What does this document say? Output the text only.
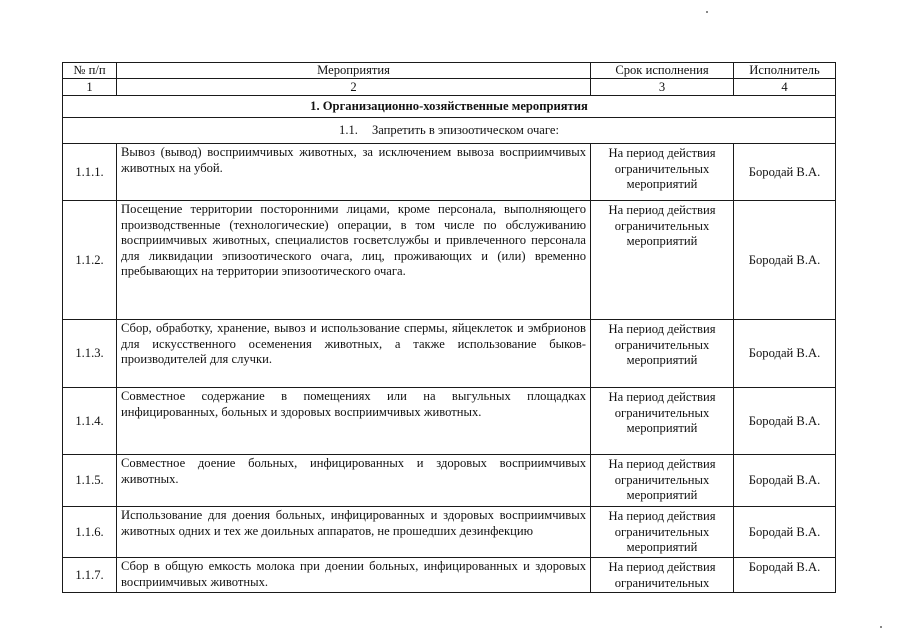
№ п/п	Мероприятия	Срок исполнения	Исполнитель
1	2	3	4
1. Организационно-хозяйственные мероприятия			
1.1. Запретить в эпизоотическом очаге:			
1.1.1.	Вывоз (вывод) восприимчивых животных, за исключением вывоза восприимчивых животных на убой.	На период действия ограничительных мероприятий	Бородай В.А.
1.1.2.	Посещение территории посторонними лицами, кроме персонала, выполняющего производственные (технологические) операции, в том числе по обслуживанию восприимчивых животных, специалистов госветслужбы и привлеченного персонала для ликвидации эпизоотического очага, лиц, проживающих и (или) временно пребывающих на территории эпизоотического очага.	На период действия ограничительных мероприятий	Бородай В.А.
1.1.3.	Сбор, обработку, хранение, вывоз и использование спермы, яйцеклеток и эмбрионов для искусственного осеменения животных, а также использование быков-производителей для случки.	На период действия ограничительных мероприятий	Бородай В.А.
1.1.4.	Совместное содержание в помещениях или на выгульных площадках инфицированных, больных и здоровых восприимчивых животных.	На период действия ограничительных мероприятий	Бородай В.А.
1.1.5.	Совместное доение больных, инфицированных и здоровых восприимчивых животных.	На период действия ограничительных мероприятий	Бородай В.А.
1.1.6.	Использование для доения больных, инфицированных и здоровых восприимчивых животных одних и тех же доильных аппаратов, не прошедших дезинфекцию	На период действия ограничительных мероприятий	Бородай В.А.
1.1.7.	Сбор в общую емкость молока при доении больных, инфицированных и здоровых восприимчивых животных.	На период действия ограничительных	Бородай В.А.
